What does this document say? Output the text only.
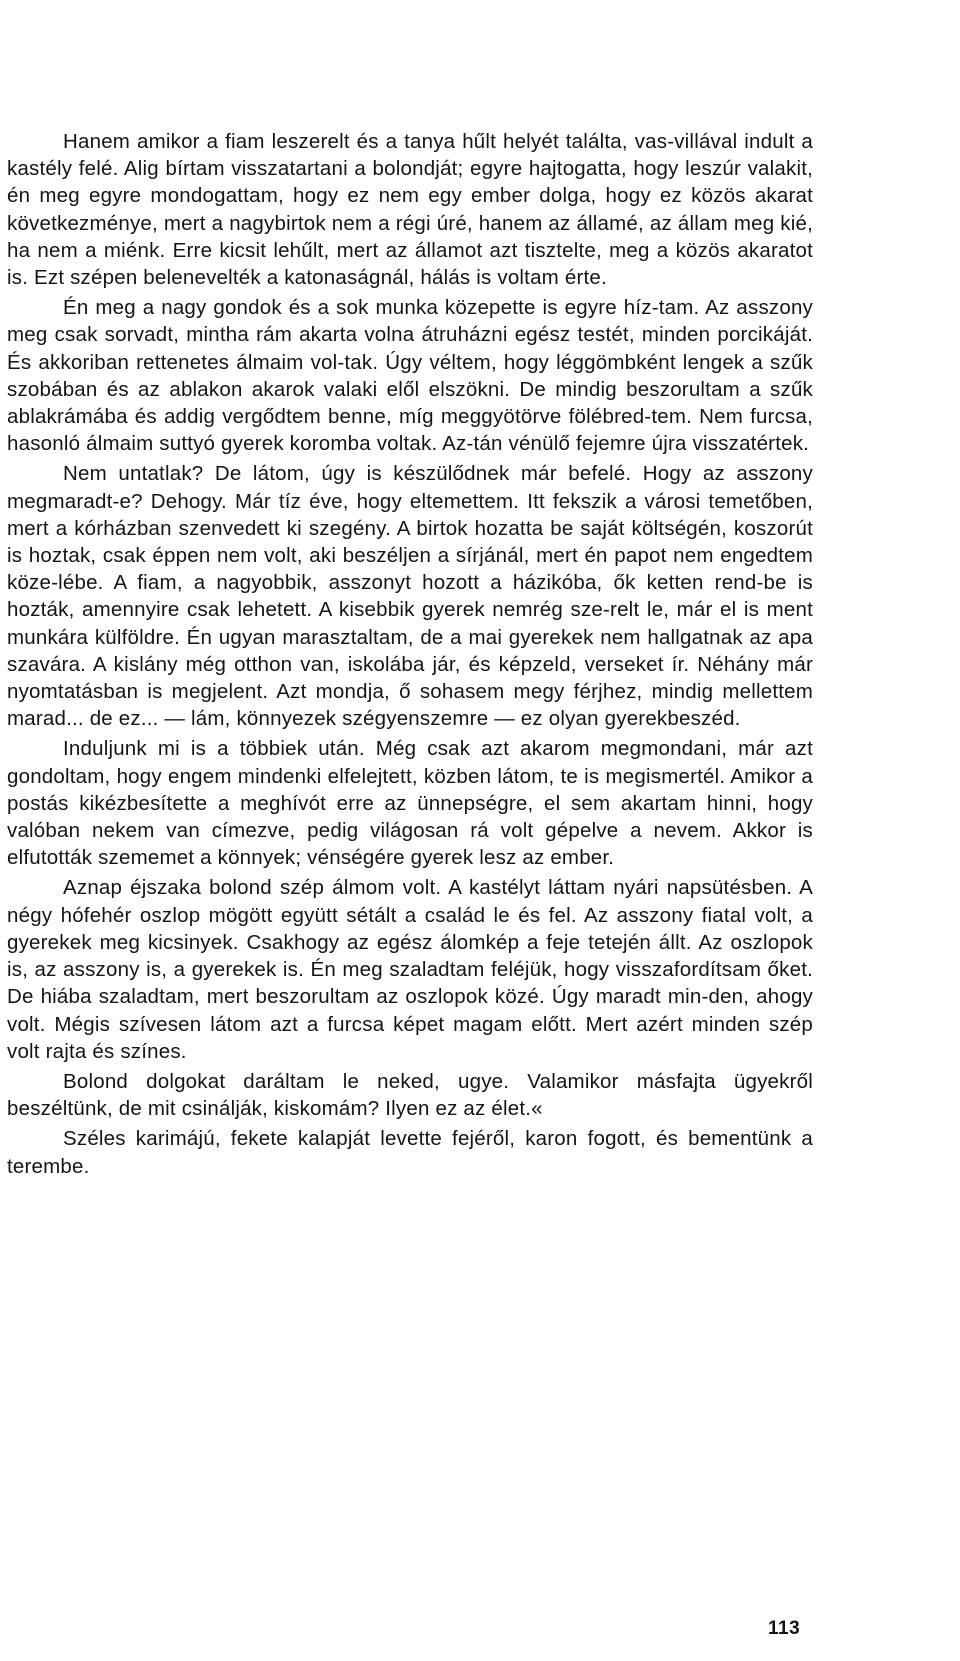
Hanem amikor a fiam leszerelt és a tanya hűlt helyét találta, vas-villával indult a kastély felé. Alig bírtam visszatartani a bolondját; egyre hajtogatta, hogy leszúr valakit, én meg egyre mondogattam, hogy ez nem egy ember dolga, hogy ez közös akarat következménye, mert a nagybirtok nem a régi úré, hanem az államé, az állam meg kié, ha nem a miénk. Erre kicsit lehűlt, mert az államot azt tisztelte, meg a közös akaratot is. Ezt szépen belenevelték a katonaságnál, hálás is voltam érte.

Én meg a nagy gondok és a sok munka közepette is egyre híz-tam. Az asszony meg csak sorvadt, mintha rám akarta volna átruházni egész testét, minden porcikáját. És akkoriban rettenetes álmaim vol-tak. Úgy véltem, hogy léggömbként lengek a szűk szobában és az ablakon akarok valaki elől elszökni. De mindig beszorultam a szűk ablakrámába és addig vergődtem benne, míg meggyötörve fölébred-tem. Nem furcsa, hasonló álmaim suttyó gyerek koromba voltak. Az-tán vénülő fejemre újra visszatértek.

Nem untatlak? De látom, úgy is készülődnek már befelé. Hogy az asszony megmaradt-e? Dehogy. Már tíz éve, hogy eltemettem. Itt fekszik a városi temetőben, mert a kórházban szenvedett ki szegény. A birtok hozatta be saját költségén, koszorút is hoztak, csak éppen nem volt, aki beszéljen a sírjánál, mert én papot nem engedtem köze-lébe. A fiam, a nagyobbik, asszonyt hozott a házikóba, ők ketten rend-be is hozták, amennyire csak lehetett. A kisebbik gyerek nemrég sze-relt le, már el is ment munkára külföldre. Én ugyan marasztaltam, de a mai gyerekek nem hallgatnak az apa szavára. A kislány még otthon van, iskolába jár, és képzeld, verseket ír. Néhány már nyomtatásban is megjelent. Azt mondja, ő sohasem megy férjhez, mindig mellettem marad... de ez... — lám, könnyezek szégyenszemre — ez olyan gyerekbeszéd.

Induljunk mi is a többiek után. Még csak azt akarom megmondani, már azt gondoltam, hogy engem mindenki elfelejtett, közben látom, te is megismertél. Amikor a postás kikézbesítette a meghívót erre az ünnepségre, el sem akartam hinni, hogy valóban nekem van címezve, pedig világosan rá volt gépelve a nevem. Akkor is elfutották szememet a könnyek; vénségére gyerek lesz az ember.

Aznap éjszaka bolond szép álmom volt. A kastélyt láttam nyári napsütésben. A négy hófehér oszlop mögött együtt sétált a család le és fel. Az asszony fiatal volt, a gyerekek meg kicsinyek. Csakhogy az egész álomkép a feje tetején állt. Az oszlopok is, az asszony is, a gyerekek is. Én meg szaladtam feléjük, hogy visszafordítsam őket. De hiába szaladtam, mert beszorultam az oszlopok közé. Úgy maradt min-den, ahogy volt. Mégis szívesen látom azt a furcsa képet magam előtt. Mert azért minden szép volt rajta és színes.

Bolond dolgokat daráltam le neked, ugye. Valamikor másfajta ügyekről beszéltünk, de mit csinálják, kiskomám? Ilyen ez az élet.«

Széles karimájú, fekete kalapját levette fejéről, karon fogott, és bementünk a terembe.

113
